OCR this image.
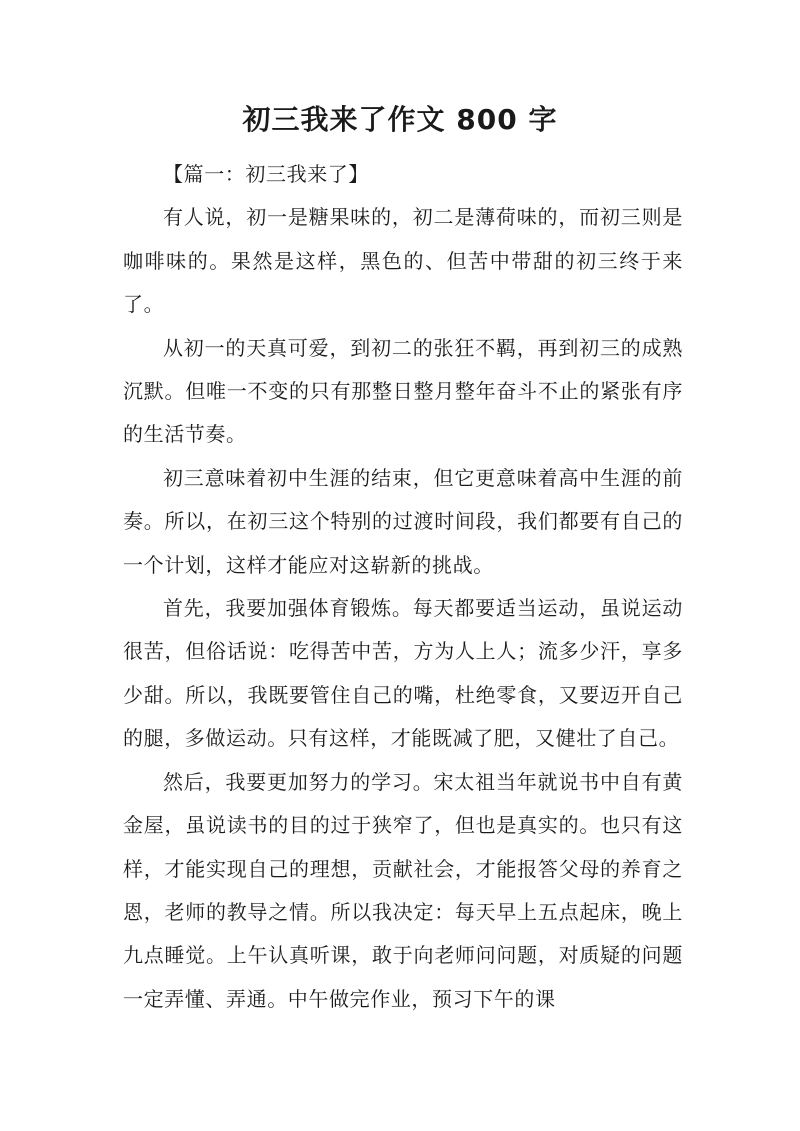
初三我来了作文 800 字

【篇一：初三我来了】

有人说，初一是糖果味的，初二是薄荷味的，而初三则是咖啡味的。果然是这样，黑色的、但苦中带甜的初三终于来了。

从初一的天真可爱，到初二的张狂不羁，再到初三的成熟沉默。但唯一不变的只有那整日整月整年奋斗不止的紧张有序的生活节奏。

初三意味着初中生涯的结束，但它更意味着高中生涯的前奏。所以，在初三这个特别的过渡时间段，我们都要有自己的一个计划，这样才能应对这崭新的挑战。

首先，我要加强体育锻炼。每天都要适当运动，虽说运动很苦，但俗话说：吃得苦中苦，方为人上人；流多少汗，享多少甜。所以，我既要管住自己的嘴，杜绝零食，又要迈开自己的腿，多做运动。只有这样，才能既减了肥，又健壮了自己。

然后，我要更加努力的学习。宋太祖当年就说书中自有黄金屋，虽说读书的目的过于狭窄了，但也是真实的。也只有这样，才能实现自己的理想，贡献社会，才能报答父母的养育之恩，老师的教导之情。所以我决定：每天早上五点起床，晚上九点睡觉。上午认真听课，敢于向老师问问题，对质疑的问题一定弄懂、弄通。中午做完作业，预习下午的课
